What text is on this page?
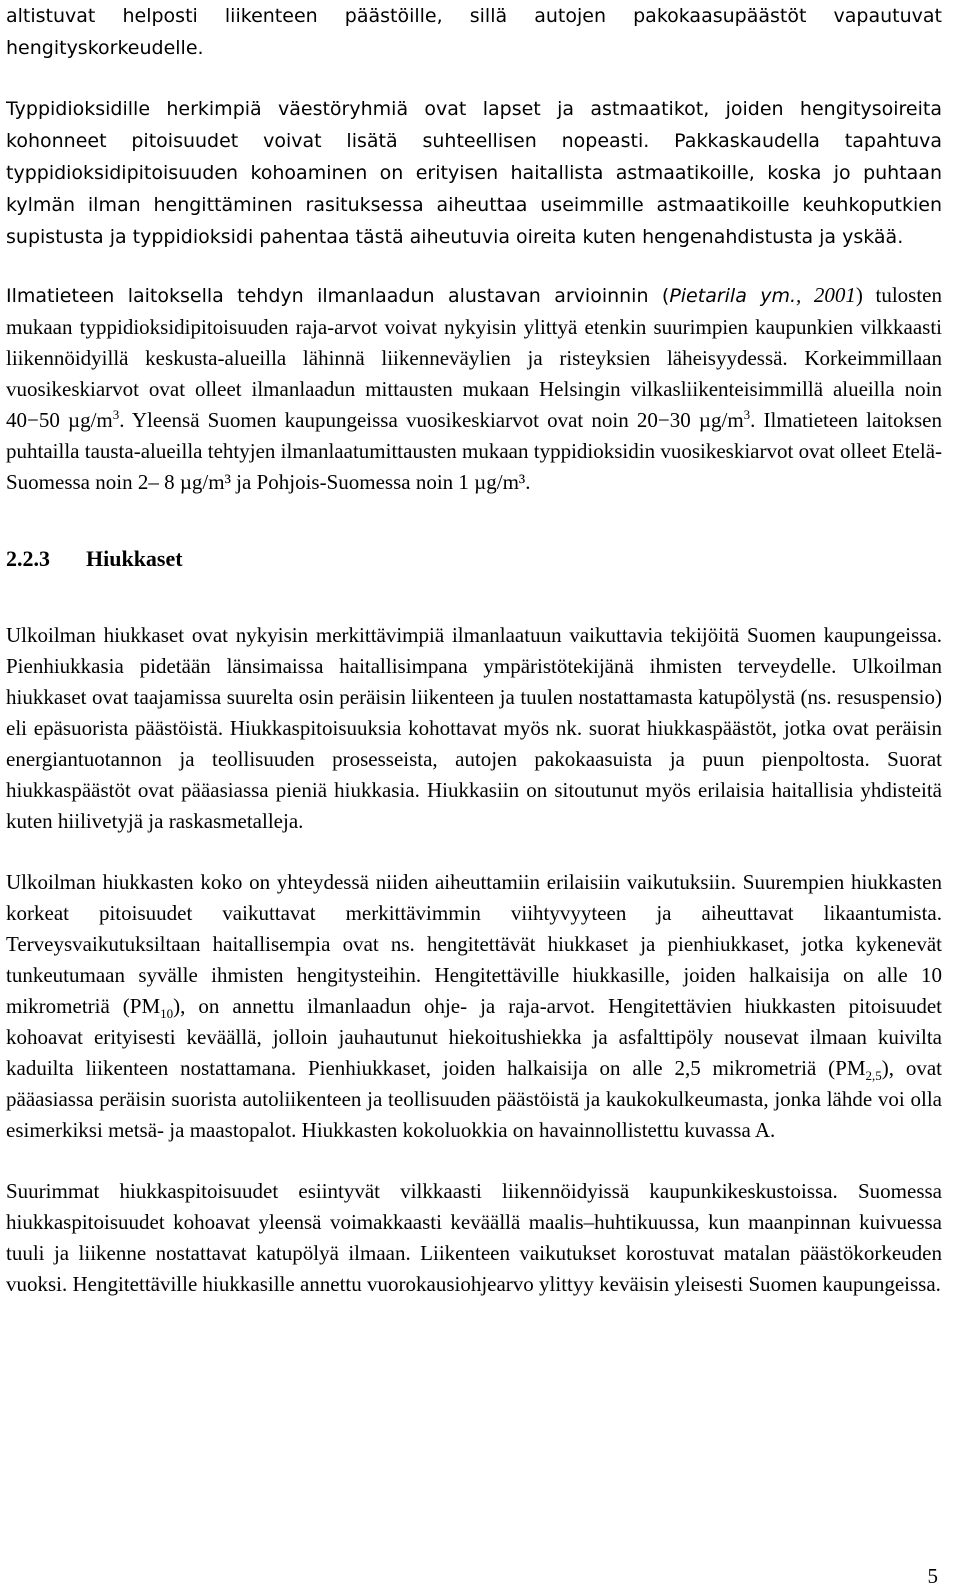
altistuvat helposti liikenteen päästöille, sillä autojen pakokaasupäästöt vapautuvat hengityskorkeudelle.

Typpidioksidille herkimpiä väestöryhmiä ovat lapset ja astmaatikot, joiden hengitysoireita kohonneet pitoisuudet voivat lisätä suhteellisen nopeasti. Pakkaskaudella tapahtuva typpidioksidipitoisuuden kohoaminen on erityisen haitallista astmaatikoille, koska jo puhtaan kylmän ilman hengittäminen rasituksessa aiheuttaa useimmille astmaatikoille keuhkoputkien supistusta ja typpidioksidi pahentaa tästä aiheutuvia oireita kuten hengenahdistusta ja yskää.

Ilmatieteen laitoksella tehdyn ilmanlaadun alustavan arvioinnin (Pietarila ym., 2001) tulosten mukaan typpidioksidipitoisuuden raja-arvot voivat nykyisin ylittyä etenkin suurimpien kaupunkien vilkkaasti liikennöidyillä keskusta-alueilla lähinnä liikenneväylien ja risteyksien läheisyydessä. Korkeimmillaan vuosikeskiarvot ovat olleet ilmanlaadun mittausten mukaan Helsingin vilkasliikenteisimmillä alueilla noin 40−50 $\mu g/m^3$. Yleensä Suomen kaupungeissa vuosikeskiarvot ovat noin 20−30 $\mu g/m^3$. Ilmatieteen laitoksen puhtailla tausta-alueilla tehtyjen ilmanlaatumittausten mukaan typpidioksidin vuosikeskiarvot ovat olleet Etelä-Suomessa noin 2– 8 µg/m³ ja Pohjois-Suomessa noin 1 µg/m³.

2.2.3 Hiukkaset

Ulkoilman hiukkaset ovat nykyisin merkittävimpiä ilmanlaatuun vaikuttavia tekijöitä Suomen kaupungeissa. Pienhiukkasia pidetään länsimaissa haitallisimpana ympäristötekijänä ihmisten terveydelle. Ulkoilman hiukkaset ovat taajamissa suurelta osin peräisin liikenteen ja tuulen nostattamasta katupölystä (ns. resuspensio) eli epäsuorista päästöistä. Hiukkaspitoisuuksia kohottavat myös nk. suorat hiukkaspäästöt, jotka ovat peräisin energiantuotannon ja teollisuuden prosesseista, autojen pakokaasuista ja puun pienpoltosta. Suorat hiukkaspäästöt ovat pääasiassa pieniä hiukkasia. Hiukkasiin on sitoutunut myös erilaisia haitallisia yhdisteitä kuten hiilivetyjä ja raskasmetalleja.

Ulkoilman hiukkasten koko on yhteydessä niiden aiheuttamiin erilaisiin vaikutuksiin. Suurempien hiukkasten korkeat pitoisuudet vaikuttavat merkittävimmin viihtyvyyteen ja aiheuttavat likaantumista. Terveysvaikutuksiltaan haitallisempia ovat ns. hengitettävät hiukkaset ja pienhiukkaset, jotka kykenevät tunkeutumaan syvälle ihmisten hengitysteihin. Hengitettäville hiukkasille, joiden halkaisija on alle 10 mikrometriä $(PM_{10})$, on annettu ilmanlaadun ohje- ja raja-arvot. Hengitettävien hiukkasten pitoisuudet kohoavat erityisesti keväällä, jolloin jauhautunut hiekoitushiekka ja asfalttipöly nousevat ilmaan kuivilta kaduilta liikenteen nostattamana. Pienhiukkaset, joiden halkaisija on alle 2,5 mikrometriä $(PM_{2,5})$, ovat pääasiassa peräisin suorista autoliikenteen ja teollisuuden päästöistä ja kaukokulkeumasta, jonka lähde voi olla esimerkiksi metsä- ja maastopalot. Hiukkasten kokoluokkia on havainnollistettu kuvassa A.

Suurimmat hiukkaspitoisuudet esiintyvät vilkkaasti liikennöidyissä kaupunkikeskustoissa. Suomessa hiukkaspitoisuudet kohoavat yleensä voimakkaasti keväällä maalis–huhtikuussa, kun maanpinnan kuivuessa tuuli ja liikenne nostattavat katupölyä ilmaan. Liikenteen vaikutukset korostuvat matalan päästökorkeuden vuoksi. Hengitettäville hiukkasille annettu vuorokausiohjearvo ylittyy keväisin yleisesti Suomen kaupungeissa.

5
